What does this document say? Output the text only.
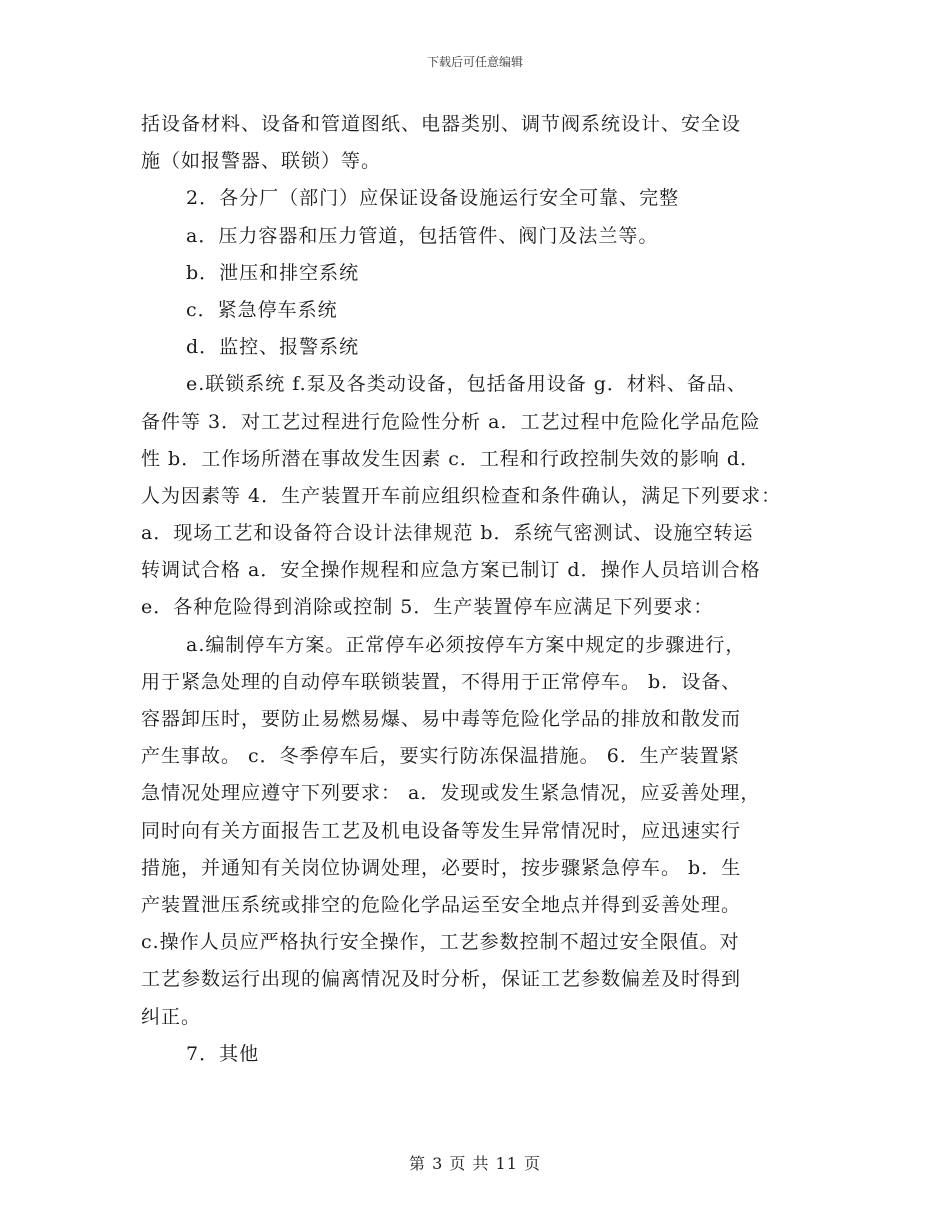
下载后可任意编辑
括设备材料、设备和管道图纸、电器类别、调节阀系统设计、安全设
施（如报警器、联锁）等。
2．各分厂（部门）应保证设备设施运行安全可靠、完整
a．压力容器和压力管道，包括管件、阀门及法兰等。
b．泄压和排空系统
c．紧急停车系统
d．监控、报警系统
e.联锁系统 f.泵及各类动设备，包括备用设备 g．材料、备品、
备件等 3．对工艺过程进行危险性分析 a．工艺过程中危险化学品危险
性 b．工作场所潜在事故发生因素 c．工程和行政控制失效的影响 d．
人为因素等 4．生产装置开车前应组织检查和条件确认，满足下列要求：
a．现场工艺和设备符合设计法律规范 b．系统气密测试、设施空转运
转调试合格 a．安全操作规程和应急方案已制订 d．操作人员培训合格
e．各种危险得到消除或控制 5．生产装置停车应满足下列要求：
a.编制停车方案。正常停车必须按停车方案中规定的步骤进行，
用于紧急处理的自动停车联锁装置，不得用于正常停车。 b．设备、
容器卸压时，要防止易燃易爆、易中毒等危险化学品的排放和散发而
产生事故。 c．冬季停车后，要实行防冻保温措施。 6．生产装置紧
急情况处理应遵守下列要求： a．发现或发生紧急情况，应妥善处理，
同时向有关方面报告工艺及机电设备等发生异常情况时，应迅速实行
措施，并通知有关岗位协调处理，必要时，按步骤紧急停车。 b．生
产装置泄压系统或排空的危险化学品运至安全地点并得到妥善处理。
c.操作人员应严格执行安全操作，工艺参数控制不超过安全限值。对
工艺参数运行出现的偏离情况及时分析，保证工艺参数偏差及时得到
纠正。
7．其他
第 3 页 共 11 页
